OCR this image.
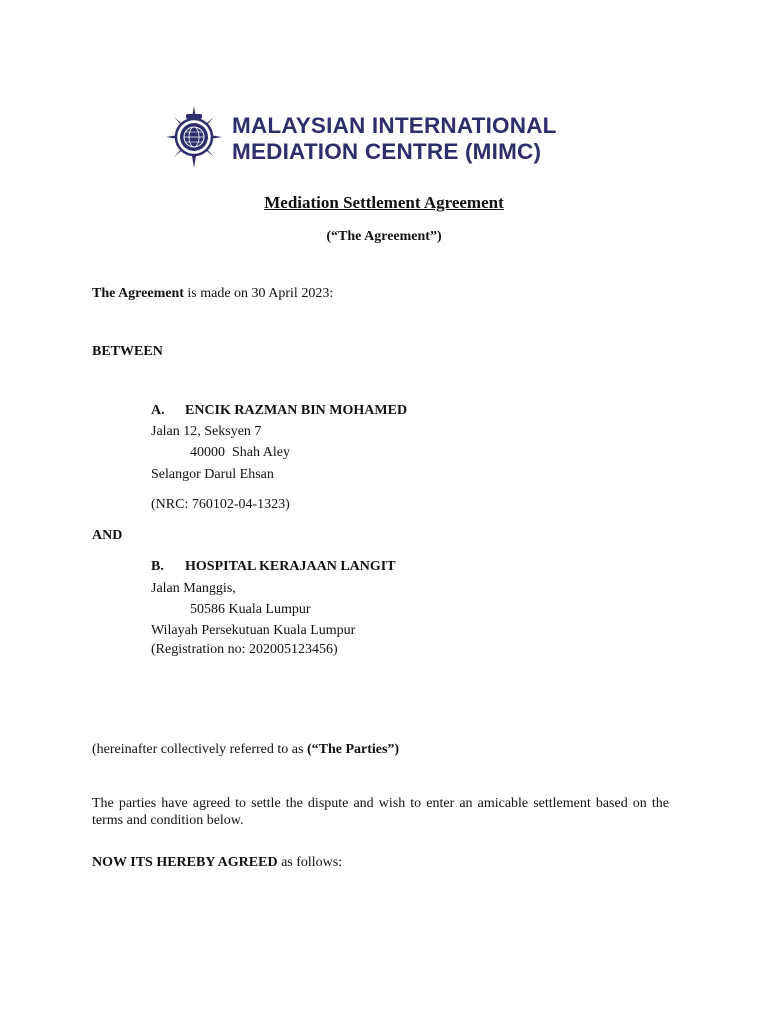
MALAYSIAN INTERNATIONAL
MEDIATION CENTRE (MIMC)
Mediation Settlement Agreement
(“The Agreement”)
The Agreement is made on 30 April 2023:
BETWEEN
A. ENCIK RAZMAN BIN MOHAMED
Jalan 12, Seksyen 7
40000  Shah Aley
Selangor Darul Ehsan
(NRC: 760102-04-1323)
AND
B. HOSPITAL KERAJAAN LANGIT
Jalan Manggis,
50586 Kuala Lumpur
Wilayah Persekutuan Kuala Lumpur
(Registration no: 202005123456)
(hereinafter collectively referred to as (“The Parties”)
The parties have agreed to settle the dispute and wish to enter an amicable settlement based on the terms and condition below.
NOW ITS HEREBY AGREED as follows:
